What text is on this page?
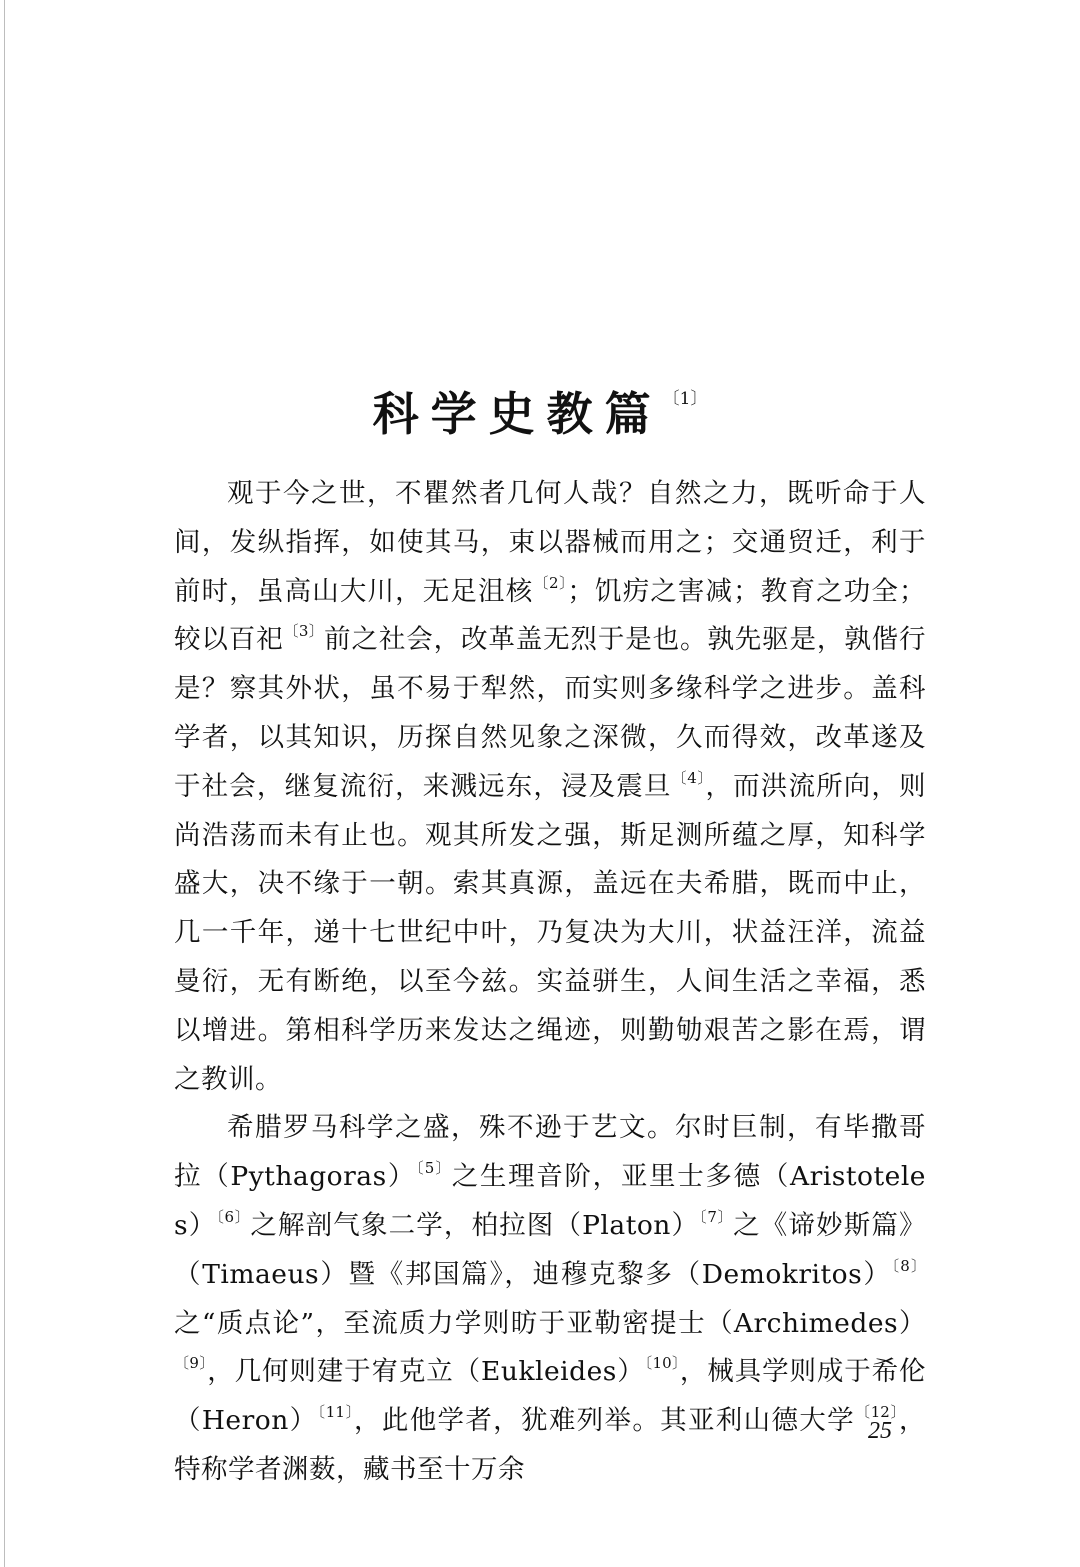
科学史教篇$^{〔1〕}$

观于今之世，不瞿然者几何人哉？自然之力，既听命于人间，发纵指挥，如使其马，束以器械而用之；交通贸迁，利于前时，虽高山大川，无足沮核$^{〔2〕}$；饥疠之害减；教育之功全；较以百祀$^{〔3〕}$前之社会，改革盖无烈于是也。孰先驱是，孰偕行是？察其外状，虽不易于犁然，而实则多缘科学之进步。盖科学者，以其知识，历探自然见象之深微，久而得效，改革遂及于社会，继复流衍，来溅远东，浸及震旦$^{〔4〕}$，而洪流所向，则尚浩荡而未有止也。观其所发之强，斯足测所蕴之厚，知科学盛大，决不缘于一朝。索其真源，盖远在夫希腊，既而中止，几一千年，递十七世纪中叶，乃复决为大川，状益汪洋，流益曼衍，无有断绝，以至今兹。实益骈生，人间生活之幸福，悉以增进。第相科学历来发达之绳迹，则勤劬艰苦之影在焉，谓之教训。

希腊罗马科学之盛，殊不逊于艺文。尔时巨制，有毕撒哥拉（Pythagoras）$^{〔5〕}$之生理音阶，亚里士多德（Aristoteles）$^{〔6〕}$之解剖气象二学，柏拉图（Platon）$^{〔7〕}$之《谛妙斯篇》（Timaeus）暨《邦国篇》，迪穆克黎多（Demokritos）$^{〔8〕}$之“质点论”，至流质力学则昉于亚勒密提士（Archimedes）$^{〔9〕}$，几何则建于宥克立（Eukleides）$^{〔10〕}$，械具学则成于希伦（Heron）$^{〔11〕}$，此他学者，犹难列举。其亚利山德大学$^{〔12〕}$，特称学者渊薮，藏书至十万余

25
